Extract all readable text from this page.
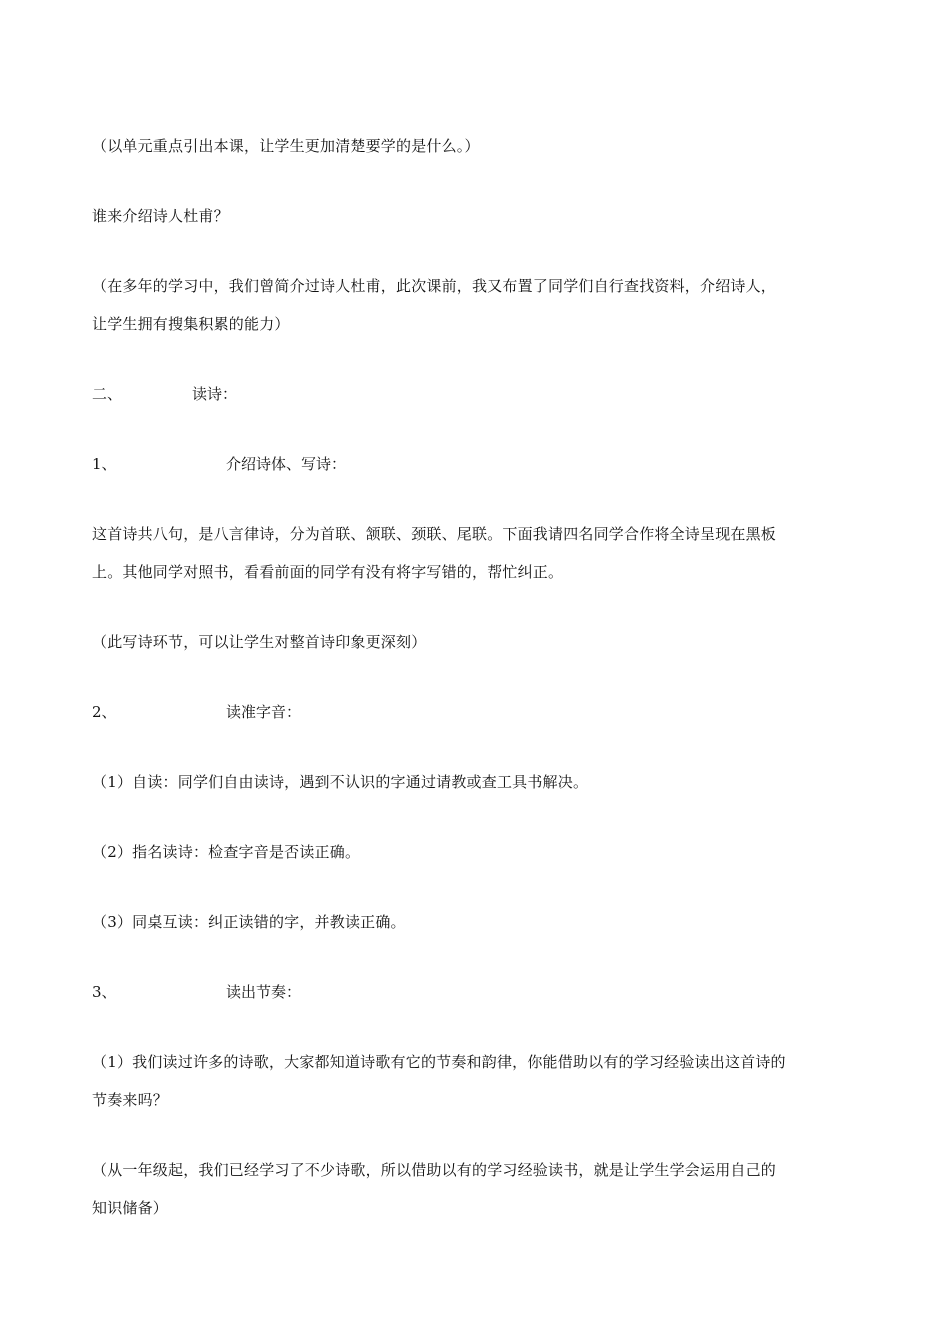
（以单元重点引出本课，让学生更加清楚要学的是什么。）
谁来介绍诗人杜甫？
（在多年的学习中，我们曾简介过诗人杜甫，此次课前，我又布置了同学们自行查找资料，介绍诗人，
让学生拥有搜集积累的能力）
二、	读诗：
1、	介绍诗体、写诗：
这首诗共八句，是八言律诗，分为首联、颔联、颈联、尾联。下面我请四名同学合作将全诗呈现在黑板
上。其他同学对照书，看看前面的同学有没有将字写错的，帮忙纠正。
（此写诗环节，可以让学生对整首诗印象更深刻）
2、	读准字音：
（1）自读：同学们自由读诗，遇到不认识的字通过请教或查工具书解决。
（2）指名读诗：检查字音是否读正确。
（3）同桌互读：纠正读错的字，并教读正确。
3、	读出节奏：
（1）我们读过许多的诗歌，大家都知道诗歌有它的节奏和韵律，你能借助以有的学习经验读出这首诗的
节奏来吗？
（从一年级起，我们已经学习了不少诗歌，所以借助以有的学习经验读书，就是让学生学会运用自己的
知识储备）
